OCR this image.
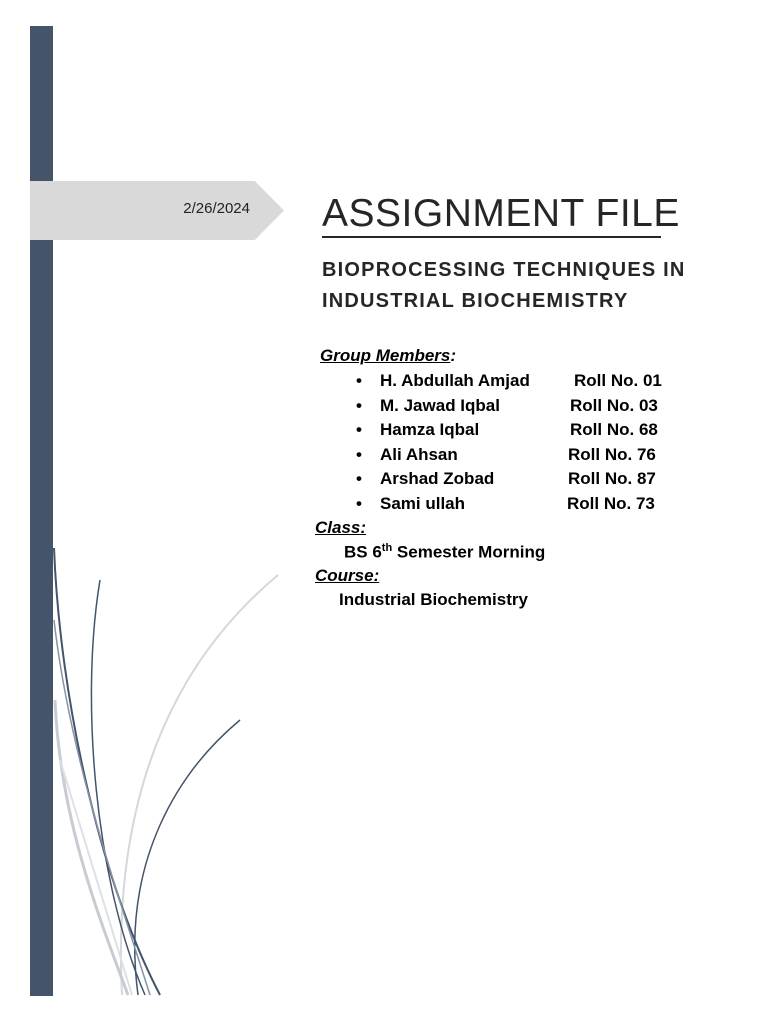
2/26/2024 ASSIGNMENT FILE
BIOPROCESSING TECHNIQUES IN INDUSTRIAL BIOCHEMISTRY
Group Members:
• H. Abdullah Amjad	Roll No. 01
• M. Jawad Iqbal	Roll No. 03
• Hamza Iqbal	Roll No. 68
• Ali Ahsan	Roll No. 76
• Arshad Zobad	Roll No. 87
• Sami ullah	Roll No. 73
Class:
BS 6th Semester Morning
Course:
Industrial Biochemistry
